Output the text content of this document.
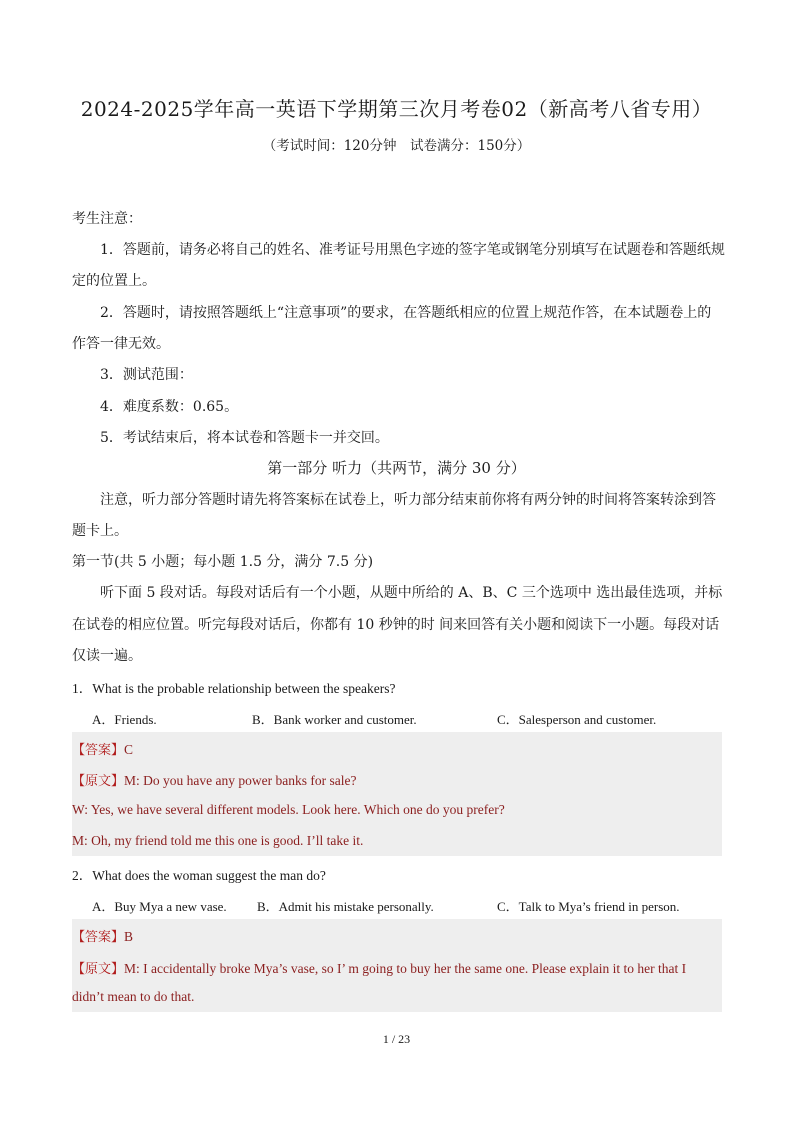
2024-2025学年高一英语下学期第三次月考卷02（新高考八省专用）
（考试时间：120分钟　试卷满分：150分）
考生注意：
1．答题前，请务必将自己的姓名、准考证号用黑色字迹的签字笔或钢笔分别填写在试题卷和答题纸规
定的位置上。
2．答题时，请按照答题纸上“注意事项”的要求，在答题纸相应的位置上规范作答，在本试题卷上的
作答一律无效。
3．测试范围：
4．难度系数：0.65。
5．考试结束后，将本试卷和答题卡一并交回。
第一部分 听力（共两节，满分 30 分）
注意，听力部分答题时请先将答案标在试卷上，听力部分结束前你将有两分钟的时间将答案转涂到答
题卡上。
第一节(共 5 小题；每小题 1.5 分，满分 7.5 分)
听下面 5 段对话。每段对话后有一个小题，从题中所给的 A、B、C 三个选项中 选出最佳选项，并标
在试卷的相应位置。听完每段对话后，你都有 10 秒钟的时 间来回答有关小题和阅读下一小题。每段对话
仅读一遍。
1．What is the probable relationship between the speakers?
A．Friends.	B．Bank worker and customer.	C．Salesperson and customer.
【答案】C
【原文】M: Do you have any power banks for sale?
W: Yes, we have several different models. Look here. Which one do you prefer?
M: Oh, my friend told me this one is good. I’ll take it.
2．What does the woman suggest the man do?
A．Buy Mya a new vase. B．Admit his mistake personally.	C．Talk to Mya’s friend in person.
【答案】B
【原文】M: I accidentally broke Mya’s vase, so I’ m going to buy her the same one. Please explain it to her that I
didn’t mean to do that.
1 / 23
